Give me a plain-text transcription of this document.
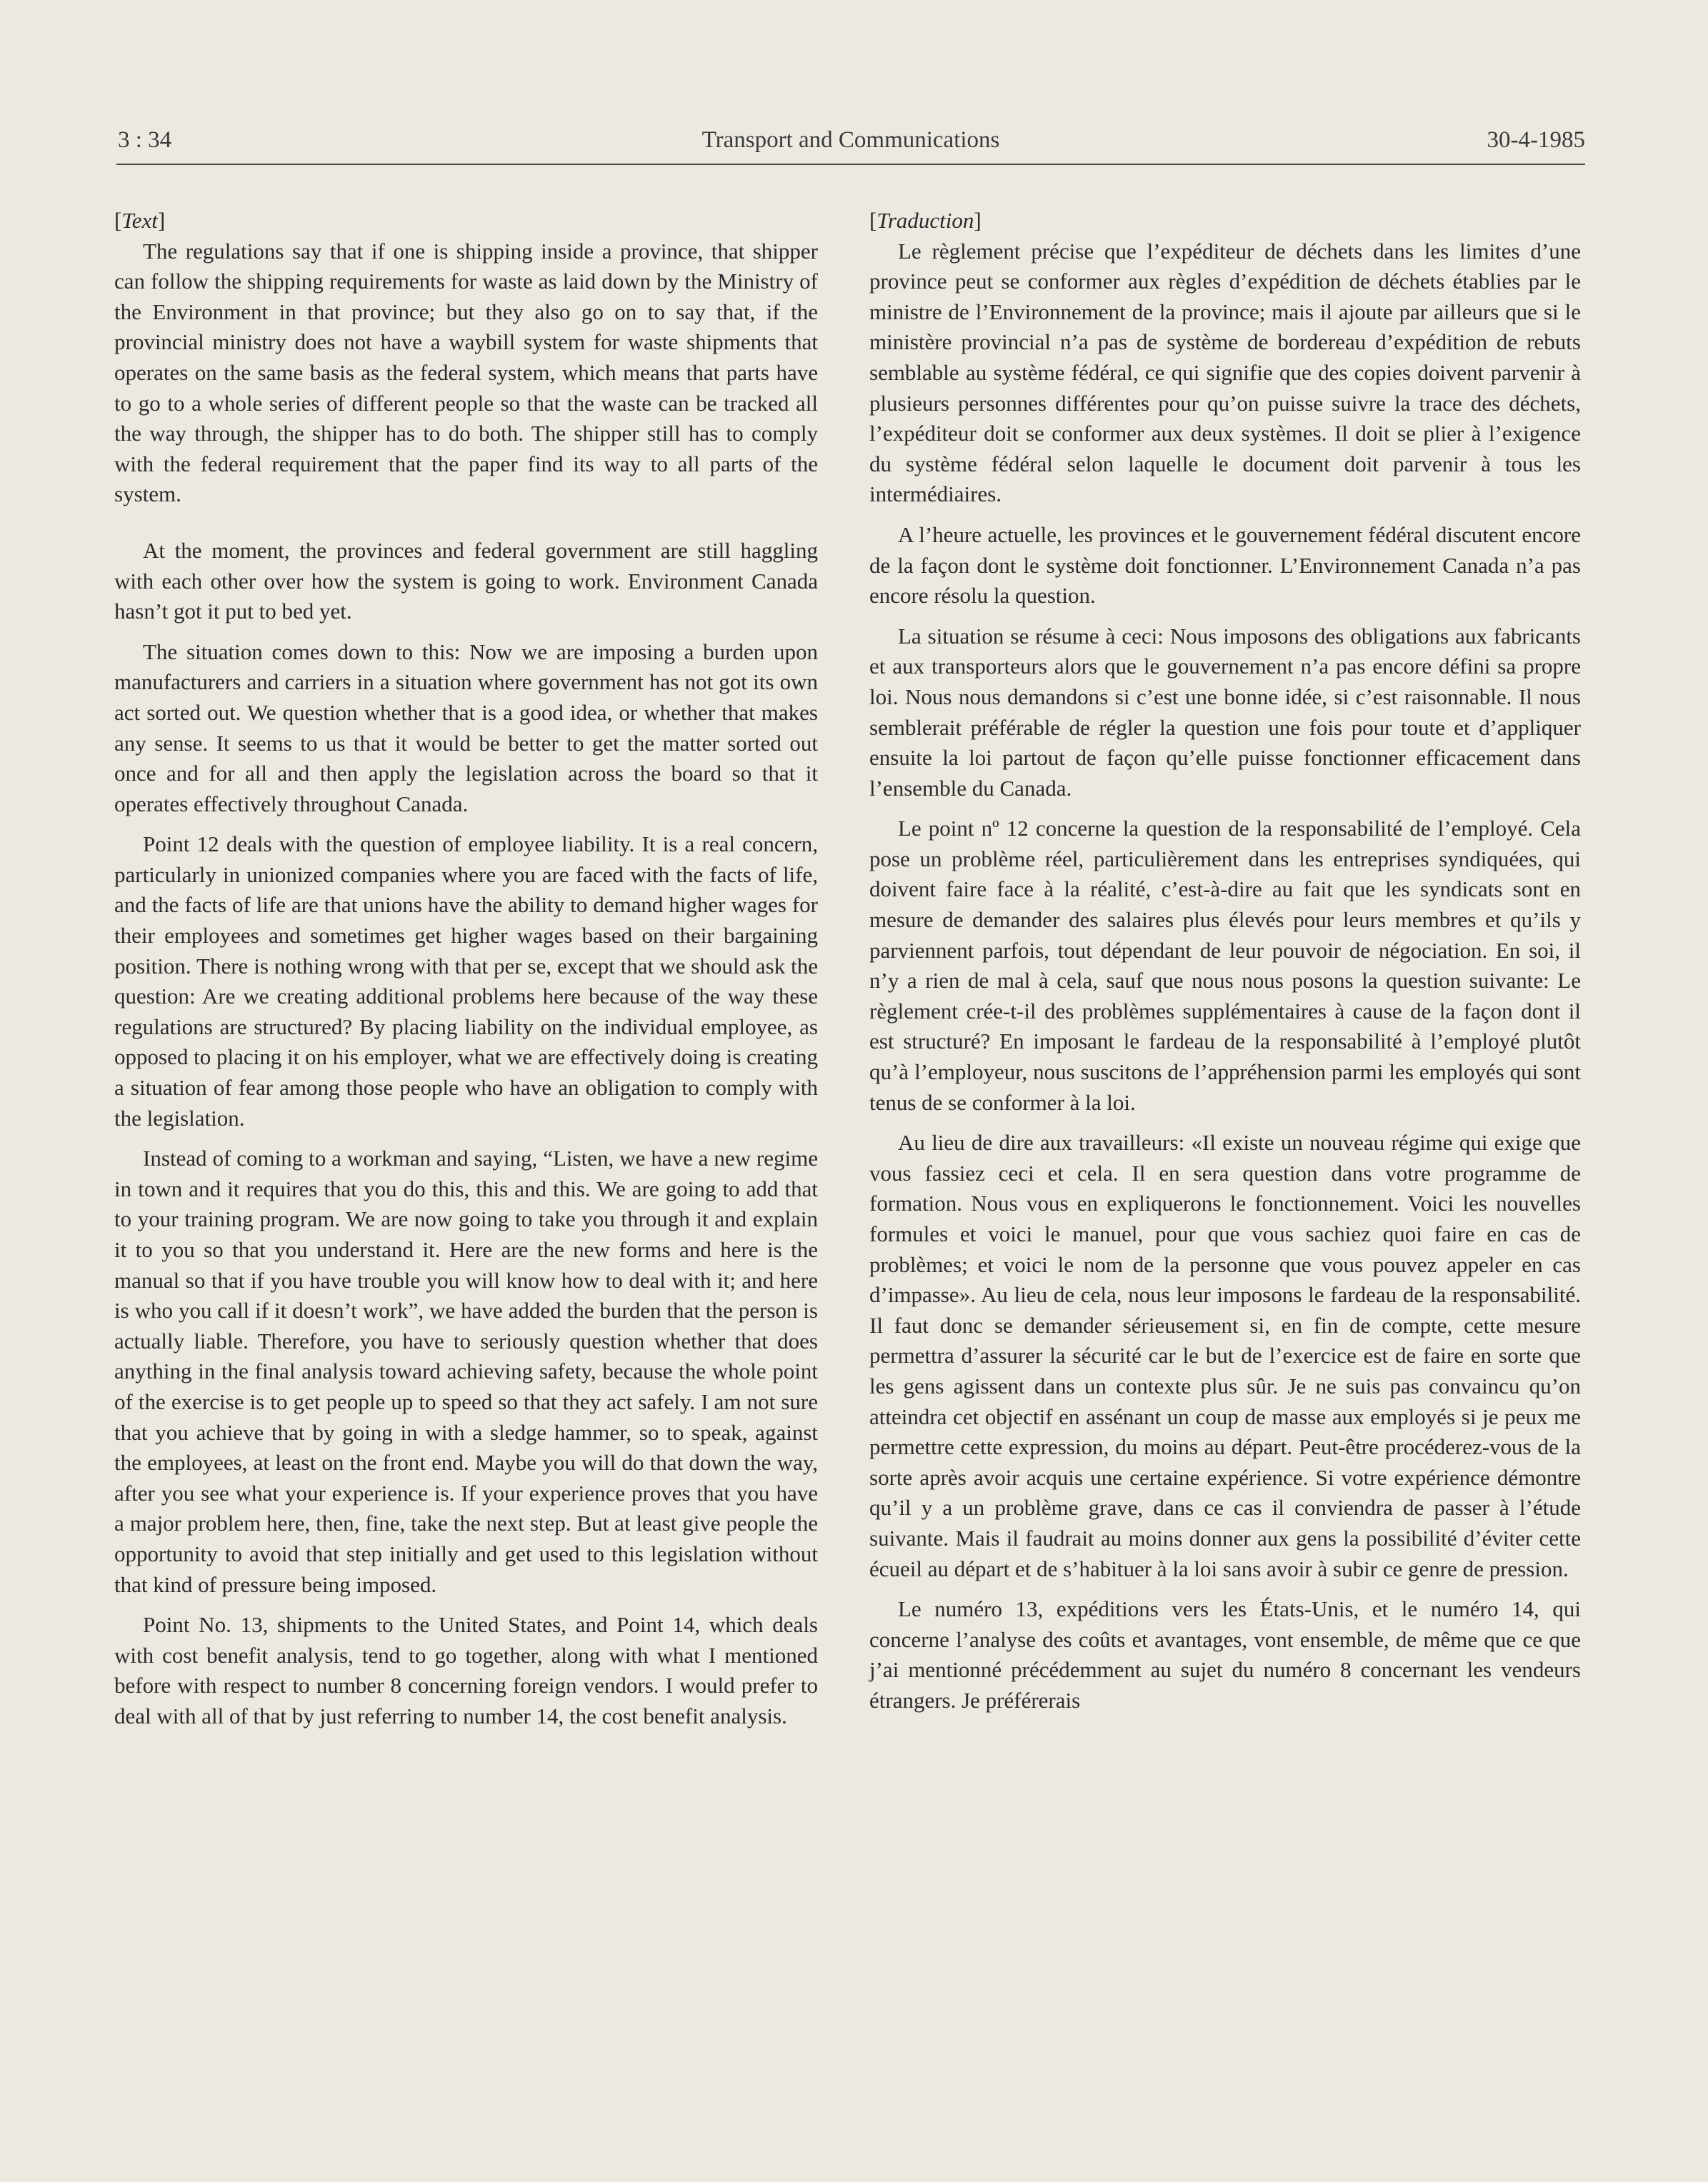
3 : 34	Transport and Communications	30-4-1985
[Text]

The regulations say that if one is shipping inside a province, that shipper can follow the shipping requirements for waste as laid down by the Ministry of the Environment in that province; but they also go on to say that, if the provincial ministry does not have a waybill system for waste shipments that operates on the same basis as the federal system, which means that parts have to go to a whole series of different people so that the waste can be tracked all the way through, the shipper has to do both. The shipper still has to comply with the federal requirement that the paper find its way to all parts of the system.

At the moment, the provinces and federal government are still haggling with each other over how the system is going to work. Environment Canada hasn’t got it put to bed yet.

The situation comes down to this: Now we are imposing a burden upon manufacturers and carriers in a situation where government has not got its own act sorted out. We question whether that is a good idea, or whether that makes any sense. It seems to us that it would be better to get the matter sorted out once and for all and then apply the legislation across the board so that it operates effectively throughout Canada.

Point 12 deals with the question of employee liability. It is a real concern, particularly in unionized companies where you are faced with the facts of life, and the facts of life are that unions have the ability to demand higher wages for their employees and sometimes get higher wages based on their bargaining position. There is nothing wrong with that per se, except that we should ask the question: Are we creating additional problems here because of the way these regulations are structured? By placing liability on the individual employee, as opposed to placing it on his employer, what we are effectively doing is creating a situation of fear among those people who have an obligation to comply with the legislation.

Instead of coming to a workman and saying, “Listen, we have a new regime in town and it requires that you do this, this and this. We are going to add that to your training program. We are now going to take you through it and explain it to you so that you understand it. Here are the new forms and here is the manual so that if you have trouble you will know how to deal with it; and here is who you call if it doesn’t work”, we have added the burden that the person is actually liable. Therefore, you have to seriously question whether that does anything in the final analysis toward achieving safety, because the whole point of the exercise is to get people up to speed so that they act safely. I am not sure that you achieve that by going in with a sledge hammer, so to speak, against the employees, at least on the front end. Maybe you will do that down the way, after you see what your experience is. If your experience proves that you have a major problem here, then, fine, take the next step. But at least give people the opportunity to avoid that step initially and get used to this legislation without that kind of pressure being imposed.

Point No. 13, shipments to the United States, and Point 14, which deals with cost benefit analysis, tend to go together, along with what I mentioned before with respect to number 8 concerning foreign vendors. I would prefer to deal with all of that by just referring to number 14, the cost benefit analysis.

[Traduction]

Le règlement précise que l’expéditeur de déchets dans les limites d’une province peut se conformer aux règles d’expédition de déchets établies par le ministre de l’Environnement de la province; mais il ajoute par ailleurs que si le ministère provincial n’a pas de système de bordereau d’expédition de rebuts semblable au système fédéral, ce qui signifie que des copies doivent parvenir à plusieurs personnes différentes pour qu’on puisse suivre la trace des déchets, l’expéditeur doit se conformer aux deux systèmes. Il doit se plier à l’exigence du système fédéral selon laquelle le document doit parvenir à tous les intermédiaires.

A l’heure actuelle, les provinces et le gouvernement fédéral discutent encore de la façon dont le système doit fonctionner. L’Environnement Canada n’a pas encore résolu la question.

La situation se résume à ceci: Nous imposons des obligations aux fabricants et aux transporteurs alors que le gouvernement n’a pas encore défini sa propre loi. Nous nous demandons si c’est une bonne idée, si c’est raisonnable. Il nous semblerait préférable de régler la question une fois pour toute et d’appliquer ensuite la loi partout de façon qu’elle puisse fonctionner efficacement dans l’ensemble du Canada.

Le point nº 12 concerne la question de la responsabilité de l’employé. Cela pose un problème réel, particulièrement dans les entreprises syndiquées, qui doivent faire face à la réalité, c’est-à-dire au fait que les syndicats sont en mesure de demander des salaires plus élevés pour leurs membres et qu’ils y parviennent parfois, tout dépendant de leur pouvoir de négociation. En soi, il n’y a rien de mal à cela, sauf que nous nous posons la question suivante: Le règlement crée-t-il des problèmes supplémentaires à cause de la façon dont il est structuré? En imposant le fardeau de la responsabilité à l’employé plutôt qu’à l’employeur, nous suscitons de l’appréhension parmi les employés qui sont tenus de se conformer à la loi.

Au lieu de dire aux travailleurs: «Il existe un nouveau régime qui exige que vous fassiez ceci et cela. Il en sera question dans votre programme de formation. Nous vous en expliquerons le fonctionnement. Voici les nouvelles formules et voici le manuel, pour que vous sachiez quoi faire en cas de problèmes; et voici le nom de la personne que vous pouvez appeler en cas d’impasse». Au lieu de cela, nous leur imposons le fardeau de la responsabilité. Il faut donc se demander sérieusement si, en fin de compte, cette mesure permettra d’assurer la sécurité car le but de l’exercice est de faire en sorte que les gens agissent dans un contexte plus sûr. Je ne suis pas convaincu qu’on atteindra cet objectif en assénant un coup de masse aux employés si je peux me permettre cette expression, du moins au départ. Peut-être procéderez-vous de la sorte après avoir acquis une certaine expérience. Si votre expérience démontre qu’il y a un problème grave, dans ce cas il conviendra de passer à l’étude suivante. Mais il faudrait au moins donner aux gens la possibilité d’éviter cette écueil au départ et de s’habituer à la loi sans avoir à subir ce genre de pression.

Le numéro 13, expéditions vers les États-Unis, et le numéro 14, qui concerne l’analyse des coûts et avantages, vont ensemble, de même que ce que j’ai mentionné précédemment au sujet du numéro 8 concernant les vendeurs étrangers. Je préférerais
